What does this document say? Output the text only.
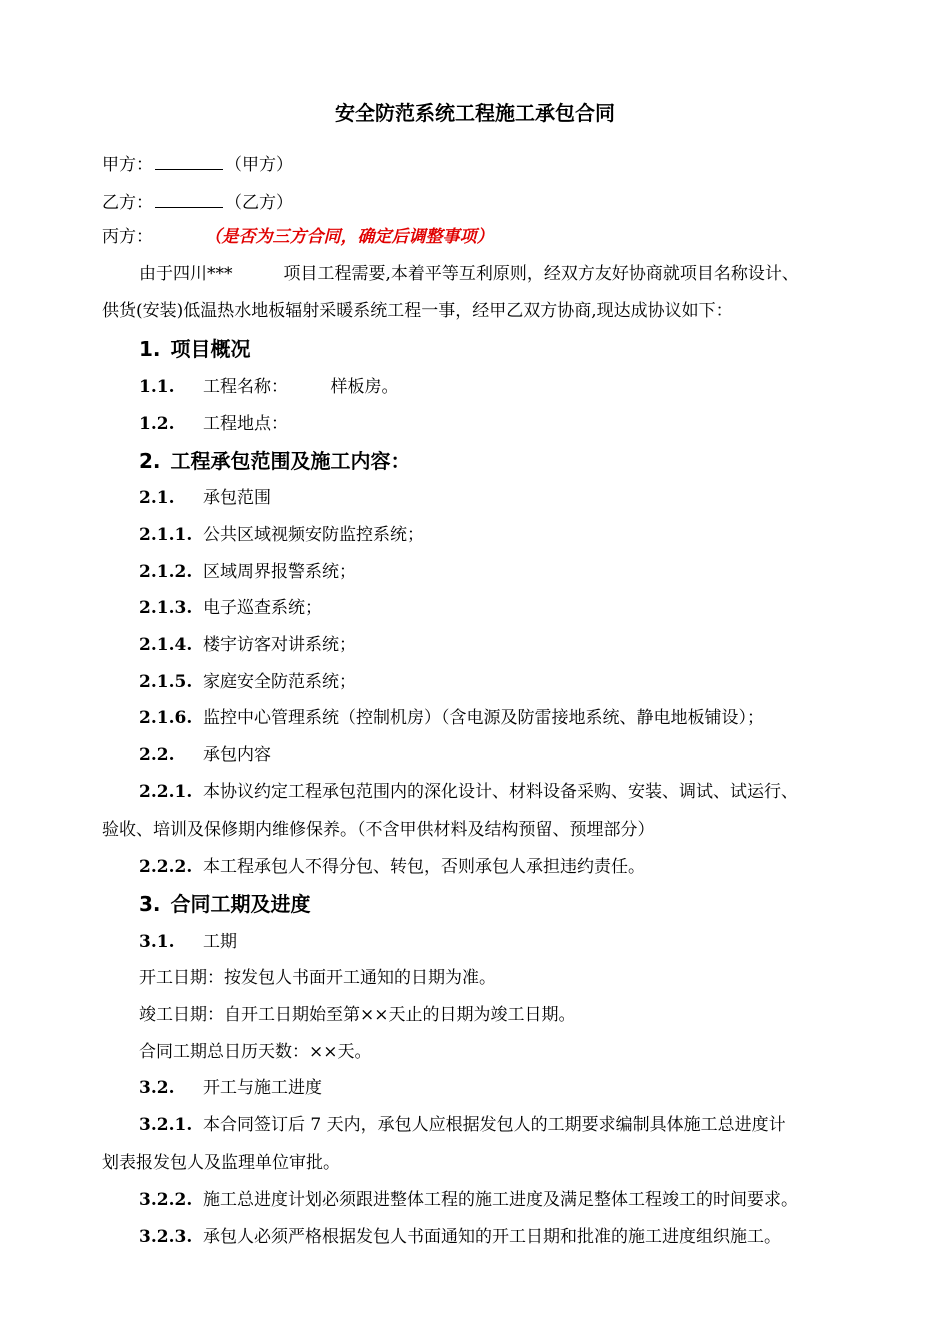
安全防范系统工程施工承包合同
甲方：	（甲方）
乙方：	（乙方）
丙方：	（是否为三方合同，确定后调整事项）
由于四川***　　　项目工程需要,本着平等互利原则，经双方友好协商就项目名称设计、
供货(安装)低温热水地板辐射采暖系统工程一事，经甲乙双方协商,现达成协议如下：
1. 项目概况
1.1. 工程名称：　　　样板房。
1.2. 工程地点：
2. 工程承包范围及施工内容：
2.1. 承包范围
2.1.1. 公共区域视频安防监控系统；
2.1.2. 区域周界报警系统；
2.1.3. 电子巡查系统；
2.1.4. 楼宇访客对讲系统；
2.1.5. 家庭安全防范系统；
2.1.6. 监控中心管理系统（控制机房）（含电源及防雷接地系统、静电地板铺设）；
2.2. 承包内容
2.2.1. 本协议约定工程承包范围内的深化设计、材料设备采购、安装、调试、试运行、
验收、培训及保修期内维修保养。（不含甲供材料及结构预留、预埋部分）
2.2.2. 本工程承包人不得分包、转包，否则承包人承担违约责任。
3. 合同工期及进度
3.1. 工期
开工日期：按发包人书面开工通知的日期为准。
竣工日期：自开工日期始至第××天止的日期为竣工日期。
合同工期总日历天数：××天。
3.2. 开工与施工进度
3.2.1. 本合同签订后 7 天内，承包人应根据发包人的工期要求编制具体施工总进度计
划表报发包人及监理单位审批。
3.2.2. 施工总进度计划必须跟进整体工程的施工进度及满足整体工程竣工的时间要求。
3.2.3. 承包人必须严格根据发包人书面通知的开工日期和批准的施工进度组织施工。
